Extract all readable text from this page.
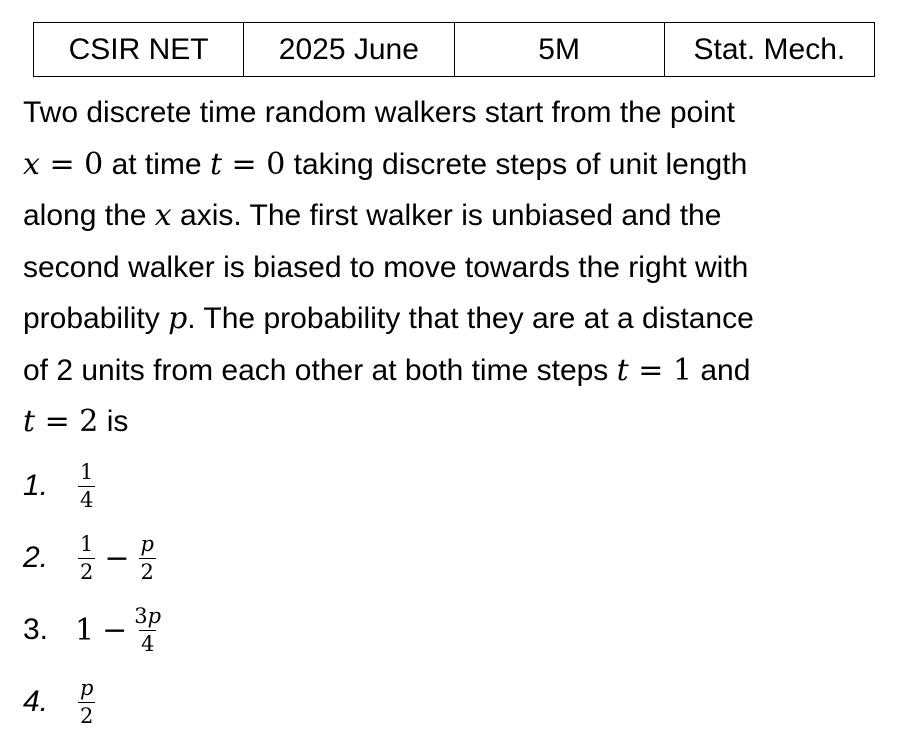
CSIR NET	2025 June	5M	Stat. Mech.
Two discrete time random walkers start from the point
x = 0 at time t = 0 taking discrete steps of unit length
along the x axis. The first walker is unbiased and the
second walker is biased to move towards the right with
probability p. The probability that they are at a distance
of 2 units from each other at both time steps t = 1 and
t = 2 is
1.	$\frac{1}{4}$
2.	$\frac{1}{2} - \frac{p}{2}$
3. $1 - \frac{3p}{4}$
4.	$\frac{p}{2}$
